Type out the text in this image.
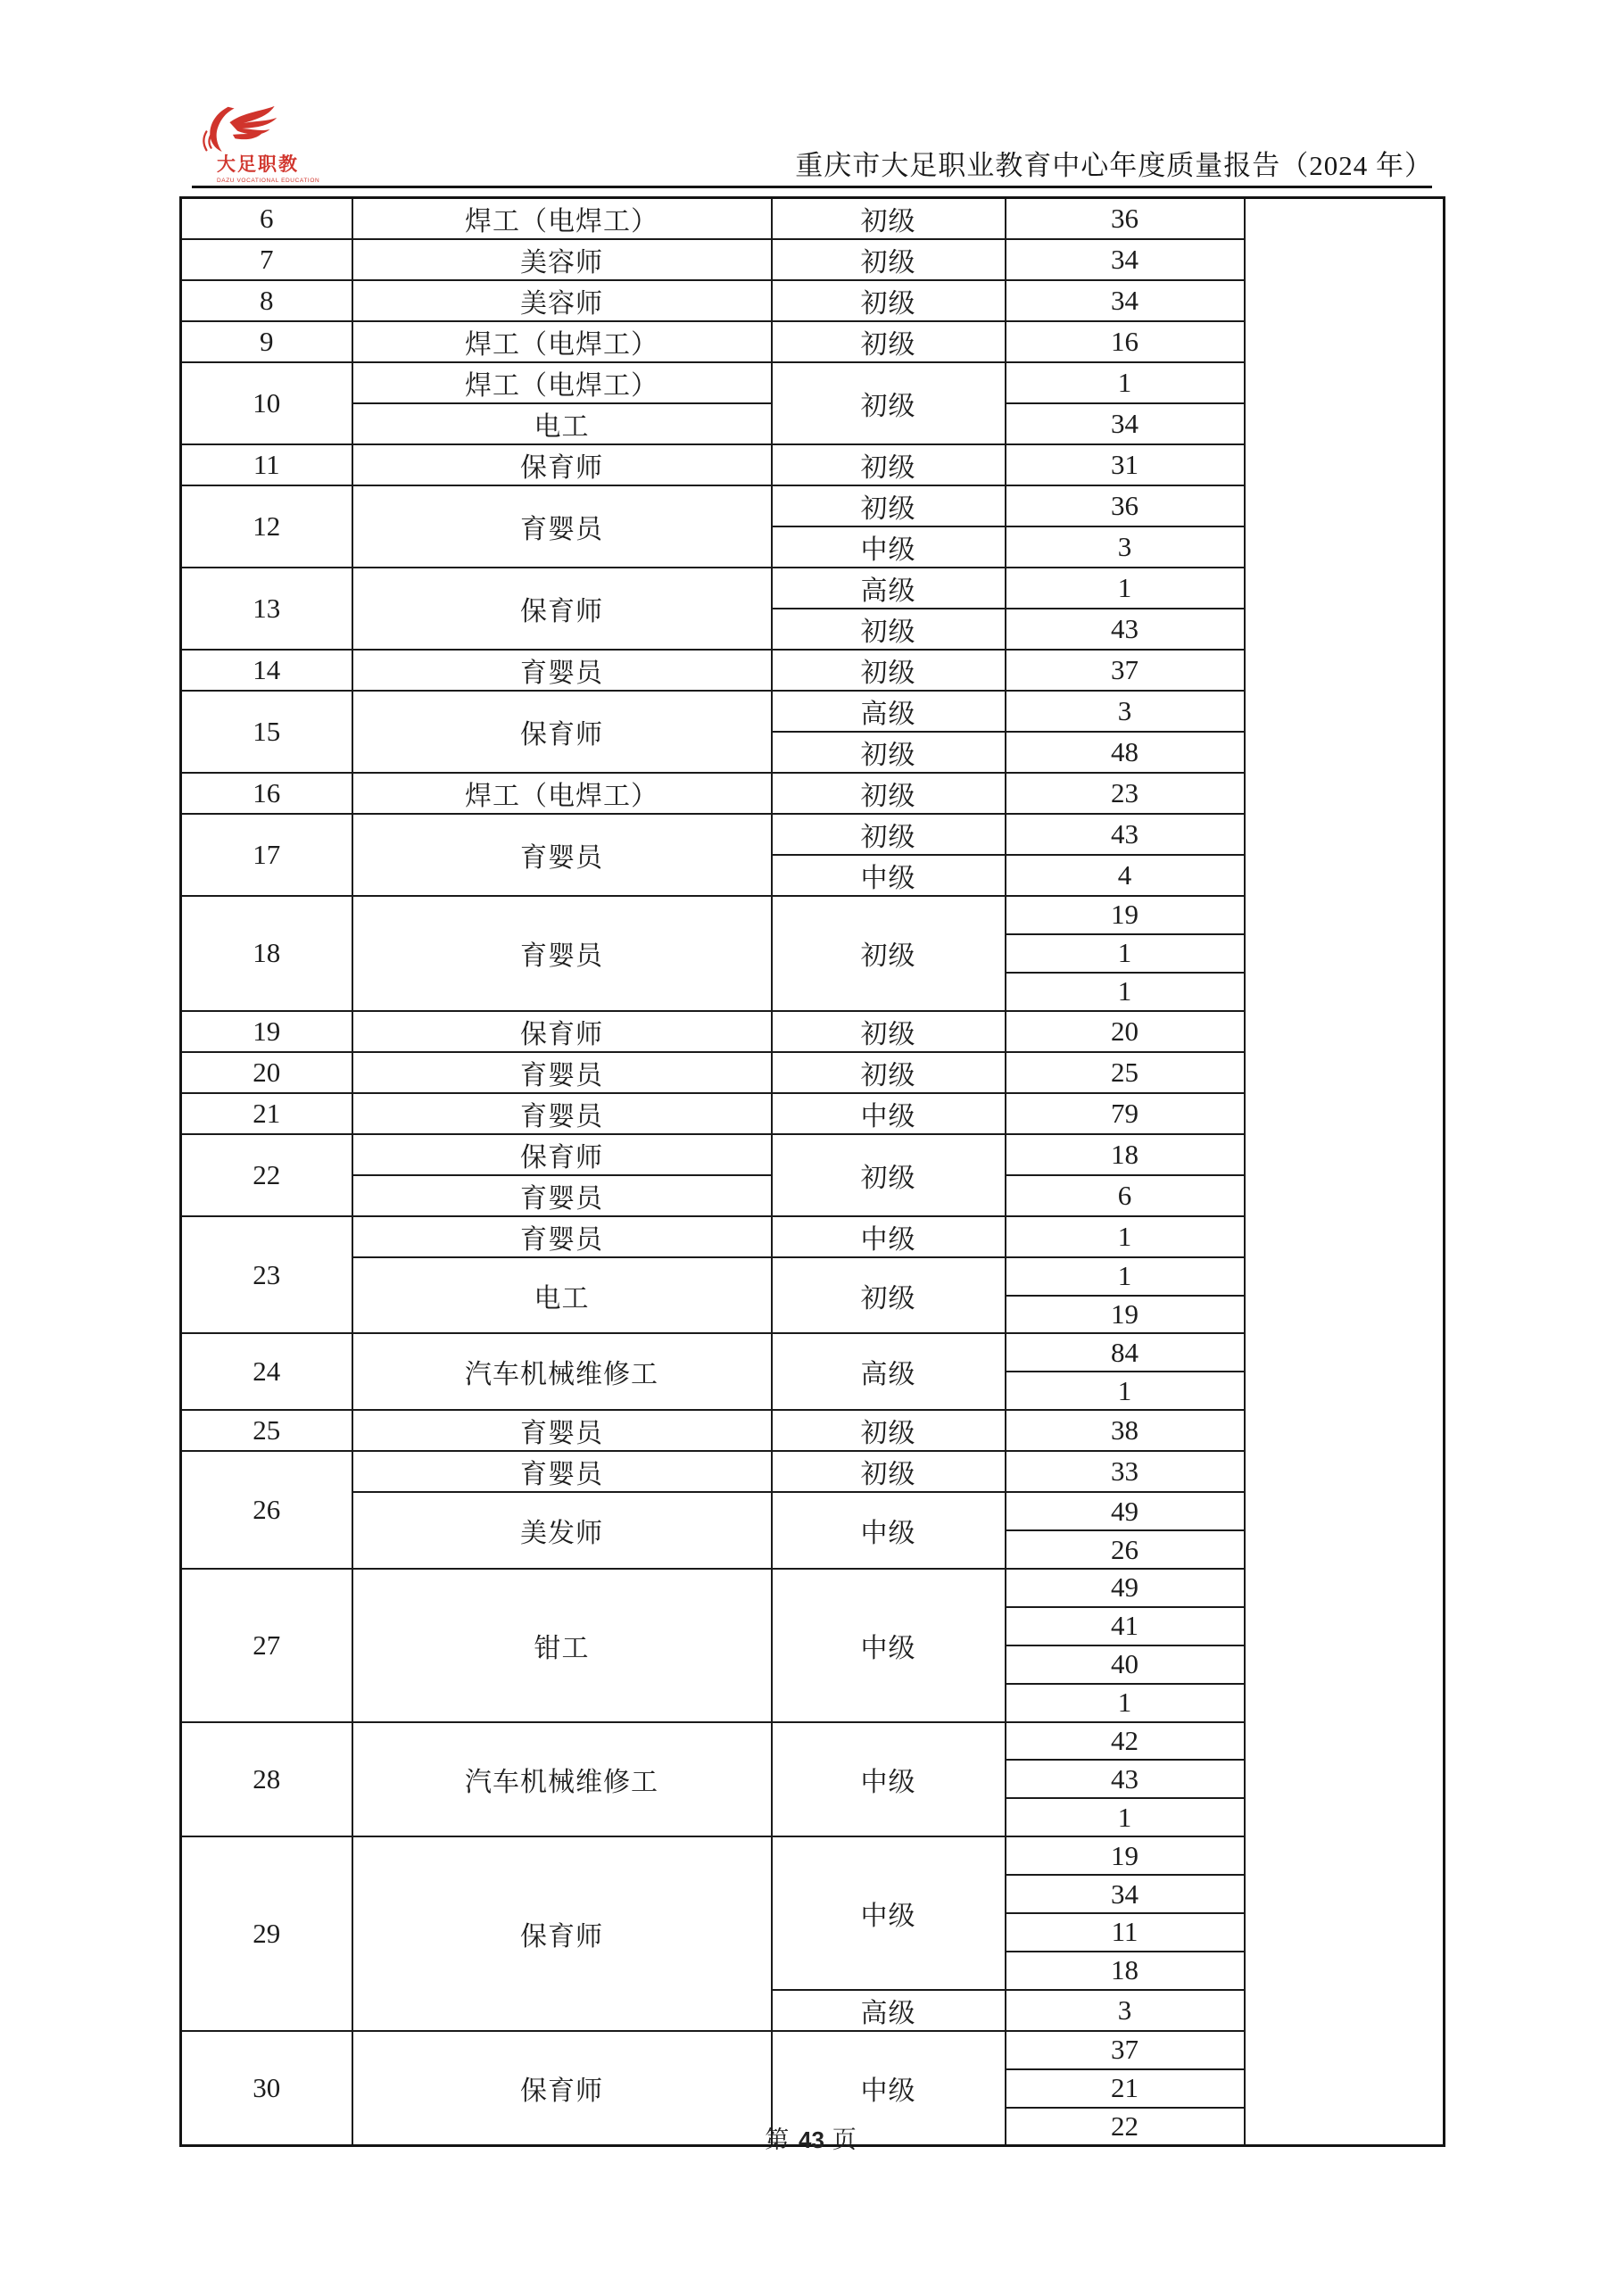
大足职教
DAZU VOCATIONAL EDUCATION	重庆市大足职业教育中心年度质量报告（2024 年）
6	焊工（电焊工）	初级	36	
7	美容师	初级	34	
8	美容师	初级	34	
9	焊工（电焊工）	初级	16	
10	焊工（电焊工）	初级	1	
	电工		34	
11	保育师	初级	31	
12	育婴员	初级	36	
		中级	3	
13	保育师	高级	1	
		初级	43	
14	育婴员	初级	37	
15	保育师	高级	3	
		初级	48	
16	焊工（电焊工）	初级	23	
17	育婴员	初级	43	
		中级	4	
18	育婴员	初级	19	
			1	
			1	
19	保育师	初级	20	
20	育婴员	初级	25	
21	育婴员	中级	79	
22	保育师	初级	18	
	育婴员		6	
23	育婴员	中级	1	
	电工	初级	1	
			19	
24	汽车机械维修工	高级	84	
			1	
25	育婴员	初级	38	
26	育婴员	初级	33	
	美发师	中级	49	
			26	
27	钳工	中级	49	
			41	
			40	
			1	
28	汽车机械维修工	中级	42	
			43	
			1	
29	保育师	中级	19	
			34	
			11	
			18	
		高级	3	
30	保育师	中级	37	
			21	
			22	
第 43 页
